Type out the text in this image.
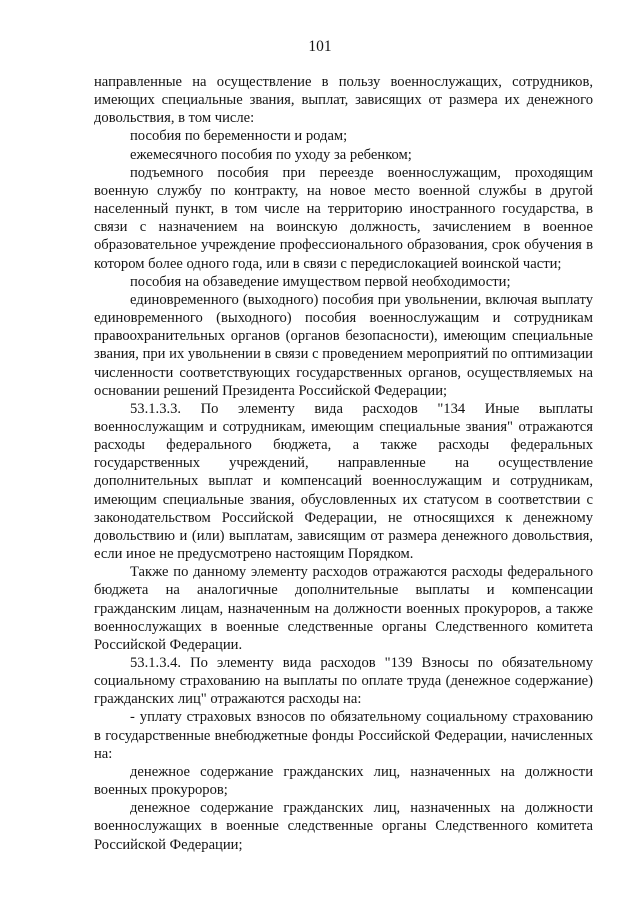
101

направленные на осуществление в пользу военнослужащих, сотрудников, имеющих специальные звания, выплат, зависящих от размера их денежного довольствия, в том числе:

пособия по беременности и родам;

ежемесячного пособия по уходу за ребенком;

подъемного пособия при переезде военнослужащим, проходящим военную службу по контракту, на новое место военной службы в другой населенный пункт, в том числе на территорию иностранного государства, в связи с назначением на воинскую должность, зачислением в военное образовательное учреждение профессионального образования, срок обучения в котором более одного года, или в связи с передислокацией воинской части;

пособия на обзаведение имуществом первой необходимости;

единовременного (выходного) пособия при увольнении, включая выплату единовременного (выходного) пособия военнослужащим и сотрудникам правоохранительных органов (органов безопасности), имеющим специальные звания, при их увольнении в связи с проведением мероприятий по оптимизации численности соответствующих государственных органов, осуществляемых на основании решений Президента Российской Федерации;

53.1.3.3. По элементу вида расходов "134 Иные выплаты военнослужащим и сотрудникам, имеющим специальные звания" отражаются расходы федерального бюджета, а также расходы федеральных государственных учреждений, направленные на осуществление дополнительных выплат и компенсаций военнослужащим и сотрудникам, имеющим специальные звания, обусловленных их статусом в соответствии с законодательством Российской Федерации, не относящихся к денежному довольствию и (или) выплатам, зависящим от размера денежного довольствия, если иное не предусмотрено настоящим Порядком.

Также по данному элементу расходов отражаются расходы федерального бюджета на аналогичные дополнительные выплаты и компенсации гражданским лицам, назначенным на должности военных прокуроров, а также военнослужащих в военные следственные органы Следственного комитета Российской Федерации.

53.1.3.4. По элементу вида расходов "139 Взносы по обязательному социальному страхованию на выплаты по оплате труда (денежное содержание) гражданских лиц" отражаются расходы на:

- уплату страховых взносов по обязательному социальному страхованию в государственные внебюджетные фонды Российской Федерации, начисленных на:

денежное содержание гражданских лиц, назначенных на должности военных прокуроров;

денежное содержание гражданских лиц, назначенных на должности военнослужащих в военные следственные органы Следственного комитета Российской Федерации;
